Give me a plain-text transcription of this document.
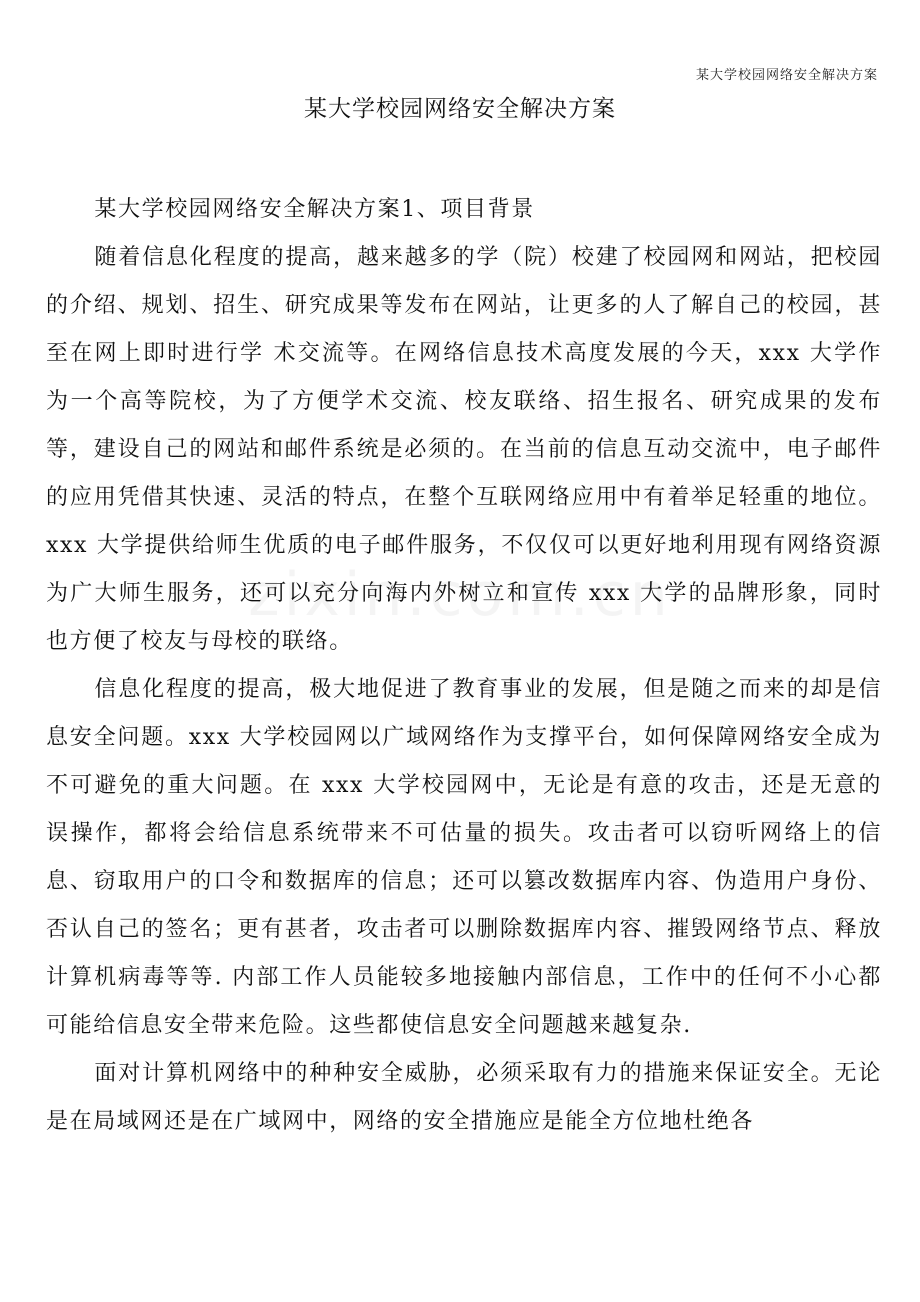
某大学校园网络安全解决方案
某大学校园网络安全解决方案

某大学校园网络安全解决方案1、项目背景

随着信息化程度的提高，越来越多的学（院）校建了校园网和网站，把校园的介绍、规划、招生、研究成果等发布在网站，让更多的人了解自己的校园，甚至在网上即时进行学 术交流等。在网络信息技术高度发展的今天，xxx 大学作为一个高等院校，为了方便学术交流、校友联络、招生报名、研究成果的发布等，建设自己的网站和邮件系统是必须的。在当前的信息互动交流中，电子邮件的应用凭借其快速、灵活的特点，在整个互联网络应用中有着举足轻重的地位。xxx 大学提供给师生优质的电子邮件服务，不仅仅可以更好地利用现有网络资源为广大师生服务，还可以充分向海内外树立和宣传 xxx 大学的品牌形象，同时也方便了校友与母校的联络。

信息化程度的提高，极大地促进了教育事业的发展，但是随之而来的却是信息安全问题。xxx 大学校园网以广域网络作为支撑平台，如何保障网络安全成为不可避免的重大问题。在 xxx 大学校园网中，无论是有意的攻击，还是无意的误操作，都将会给信息系统带来不可估量的损失。攻击者可以窃听网络上的信息、窃取用户的口令和数据库的信息；还可以篡改数据库内容、伪造用户身份、否认自己的签名；更有甚者，攻击者可以删除数据库内容、摧毁网络节点、释放计算机病毒等等. 内部工作人员能较多地接触内部信息，工作中的任何不小心都可能给信息安全带来危险。这些都使信息安全问题越来越复杂.

面对计算机网络中的种种安全威胁，必须采取有力的措施来保证安全。无论是在局域网还是在广域网中，网络的安全措施应是能全方位地杜绝各
